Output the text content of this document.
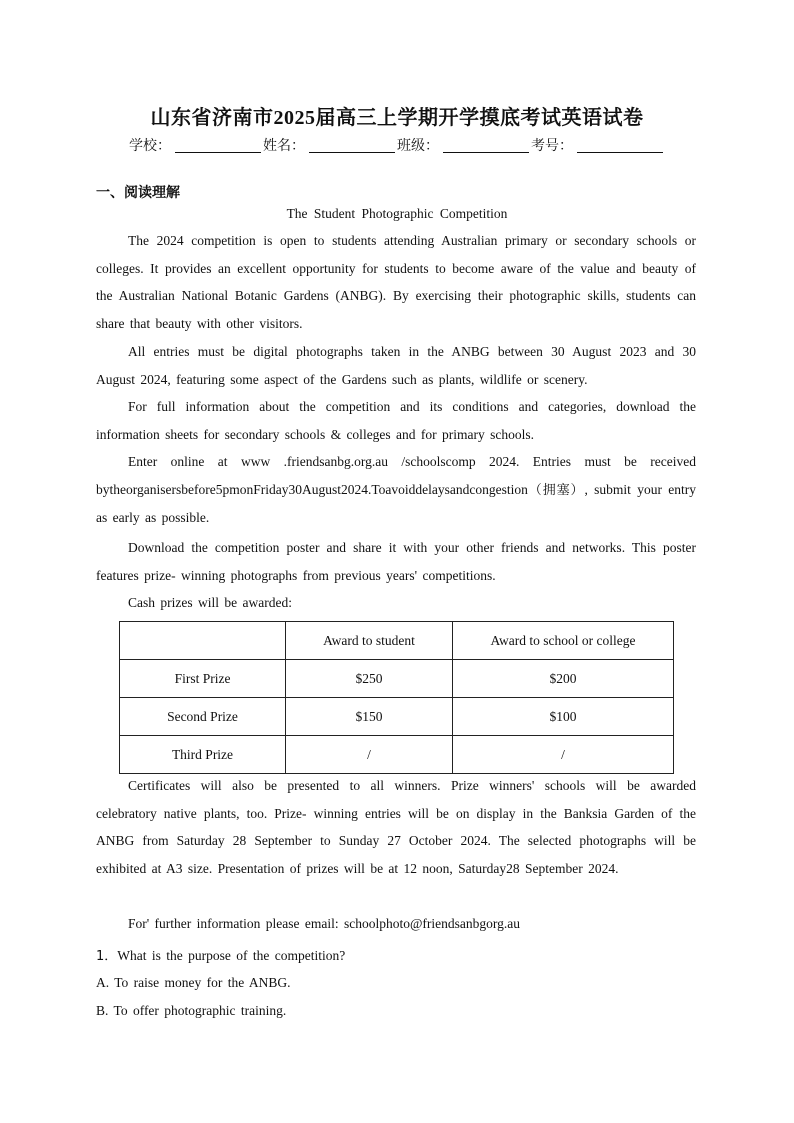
山东省济南市2025届高三上学期开学摸底考试英语试卷
学校：	姓名：	班级：	考号：
一、阅读理解
The Student Photographic Competition
The 2024 competition is open to students attending Australian primary or secondary schools or colleges. It provides an excellent opportunity for students to become aware of the value and beauty of the Australian National Botanic Gardens (ANBG). By exercising their photographic skills, students can share that beauty with other visitors.
All entries must be digital photographs taken in the ANBG between 30 August 2023 and 30 August 2024, featuring some aspect of the Gardens such as plants, wildlife or scenery.
For full information about the competition and its conditions and categories, download the information sheets for secondary schools & colleges and for primary schools.
Enter online at www .friendsanbg.org.au /schoolscomp 2024. Entries must be received bytheorganisersbefore5pmonFriday30August2024.Toavoiddelaysandcongestion（拥塞）, submit your entry as early as possible.
Download the competition poster and share it with your other friends and networks. This poster features prize- winning photographs from previous years' competitions.
Cash prizes will be awarded:
	Award to student	Award to school or college
First Prize	$250	$200
Second Prize	$150	$100
Third Prize	/	/
Certificates will also be presented to all winners. Prize winners' schools will be awarded celebratory native plants, too. Prize- winning entries will be on display in the Banksia Garden of the ANBG from Saturday 28 September to Sunday 27 October 2024. The selected photographs will be exhibited at A3 size. Presentation of prizes will be at 12 noon, Saturday28 September 2024.
For' further information please email: schoolphoto@friendsanbgorg.au
1．What is the purpose of the competition?
A. To raise money for the ANBG.
B. To offer photographic training.
